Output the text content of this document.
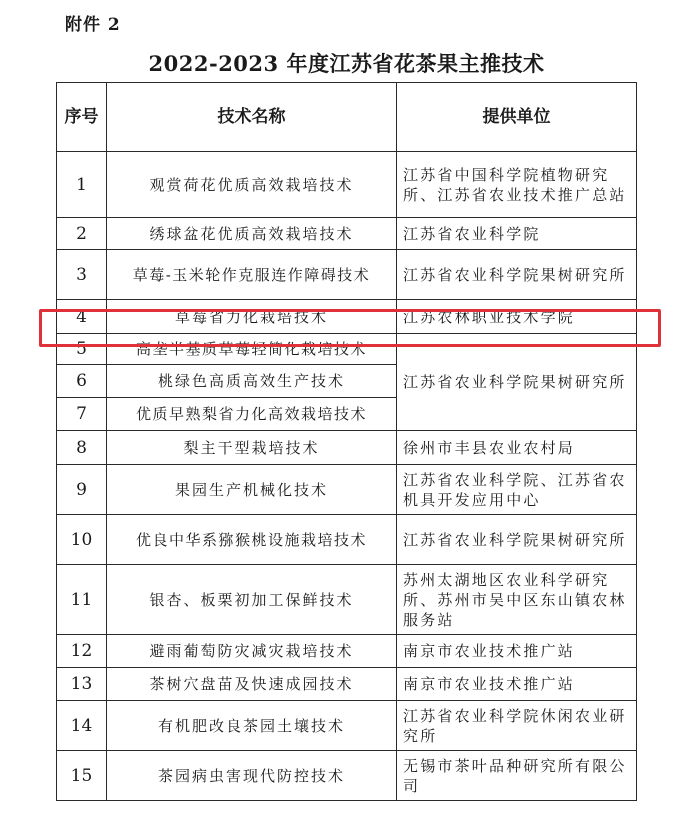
附件 2
2022-2023 年度江苏省花茶果主推技术
序号	技术名称	提供单位
1	观赏荷花优质高效栽培技术	江苏省中国科学院植物研究所、江苏省农业技术推广总站
2	绣球盆花优质高效栽培技术	江苏省农业科学院
3	草莓-玉米轮作克服连作障碍技术	江苏省农业科学院果树研究所
4	草莓省力化栽培技术	江苏农林职业技术学院
5	高垄半基质草莓轻简化栽培技术	江苏省农业科学院果树研究所
6	桃绿色高质高效生产技术	
7	优质早熟梨省力化高效栽培技术	
8	梨主干型栽培技术	徐州市丰县农业农村局
9	果园生产机械化技术	江苏省农业科学院、江苏省农机具开发应用中心
10	优良中华系猕猴桃设施栽培技术	江苏省农业科学院果树研究所
11	银杏、板栗初加工保鲜技术	苏州太湖地区农业科学研究所、苏州市吴中区东山镇农林服务站
12	避雨葡萄防灾减灾栽培技术	南京市农业技术推广站
13	茶树穴盘苗及快速成园技术	南京市农业技术推广站
14	有机肥改良茶园土壤技术	江苏省农业科学院休闲农业研究所
15	茶园病虫害现代防控技术	无锡市茶叶品种研究所有限公司
